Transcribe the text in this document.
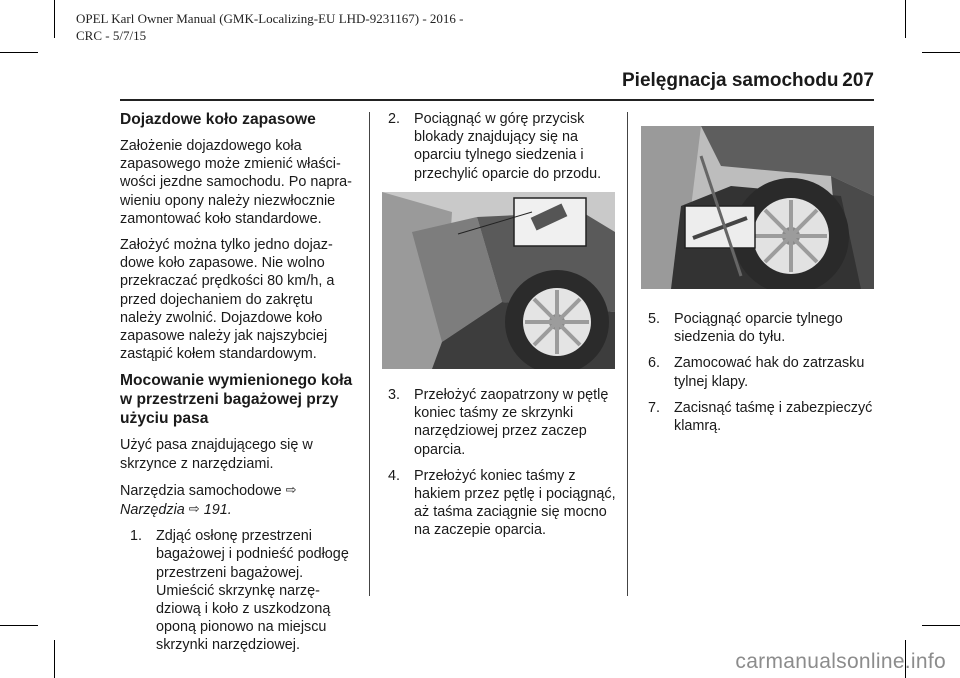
OPEL Karl Owner Manual (GMK-Localizing-EU LHD-9231167) - 2016 -
CRC - 5/7/15
Pielęgnacja samochodu 207
Dojazdowe koło zapasowe

Założenie dojazdowego koła
zapasowego może zmienić właści-
wości jezdne samochodu. Po napra-
wieniu opony należy niezwłocznie
zamontować koło standardowe.

Założyć można tylko jedno dojaz-
dowe koło zapasowe. Nie wolno
przekraczać prędkości 80 km/h, a
przed dojechaniem do zakrętu
należy zwolnić. Dojazdowe koło
zapasowe należy jak najszybciej
zastąpić kołem standardowym.

Mocowanie wymienionego koła
w przestrzeni bagażowej przy
użyciu pasa

Użyć pasa znajdującego się w
skrzynce z narzędziami.

Narzędzia samochodowe ⇨
Narzędzia ⇨ 191.

1. Zdjąć osłonę przestrzeni
bagażowej i podnieść podłogę
przestrzeni bagażowej.
Umieścić skrzynkę narzę-
dziową i koło z uszkodzoną
oponą pionowo na miejscu
skrzynki narzędziowej.
2. Pociągnąć w górę przycisk
blokady znajdujący się na
oparciu tylnego siedzenia i
przechylić oparcie do przodu.
3. Przełożyć zaopatrzony w pętlę
koniec taśmy ze skrzynki
narzędziowej przez zaczep
oparcia.
4. Przełożyć koniec taśmy z
hakiem przez pętlę i pociągnąć,
aż taśma zaciągnie się mocno
na zaczepie oparcia.
5. Pociągnąć oparcie tylnego
siedzenia do tyłu.
6. Zamocować hak do zatrzasku
tylnej klapy.
7. Zacisnąć taśmę i zabezpieczyć
klamrą.
carmanualsonline.info
